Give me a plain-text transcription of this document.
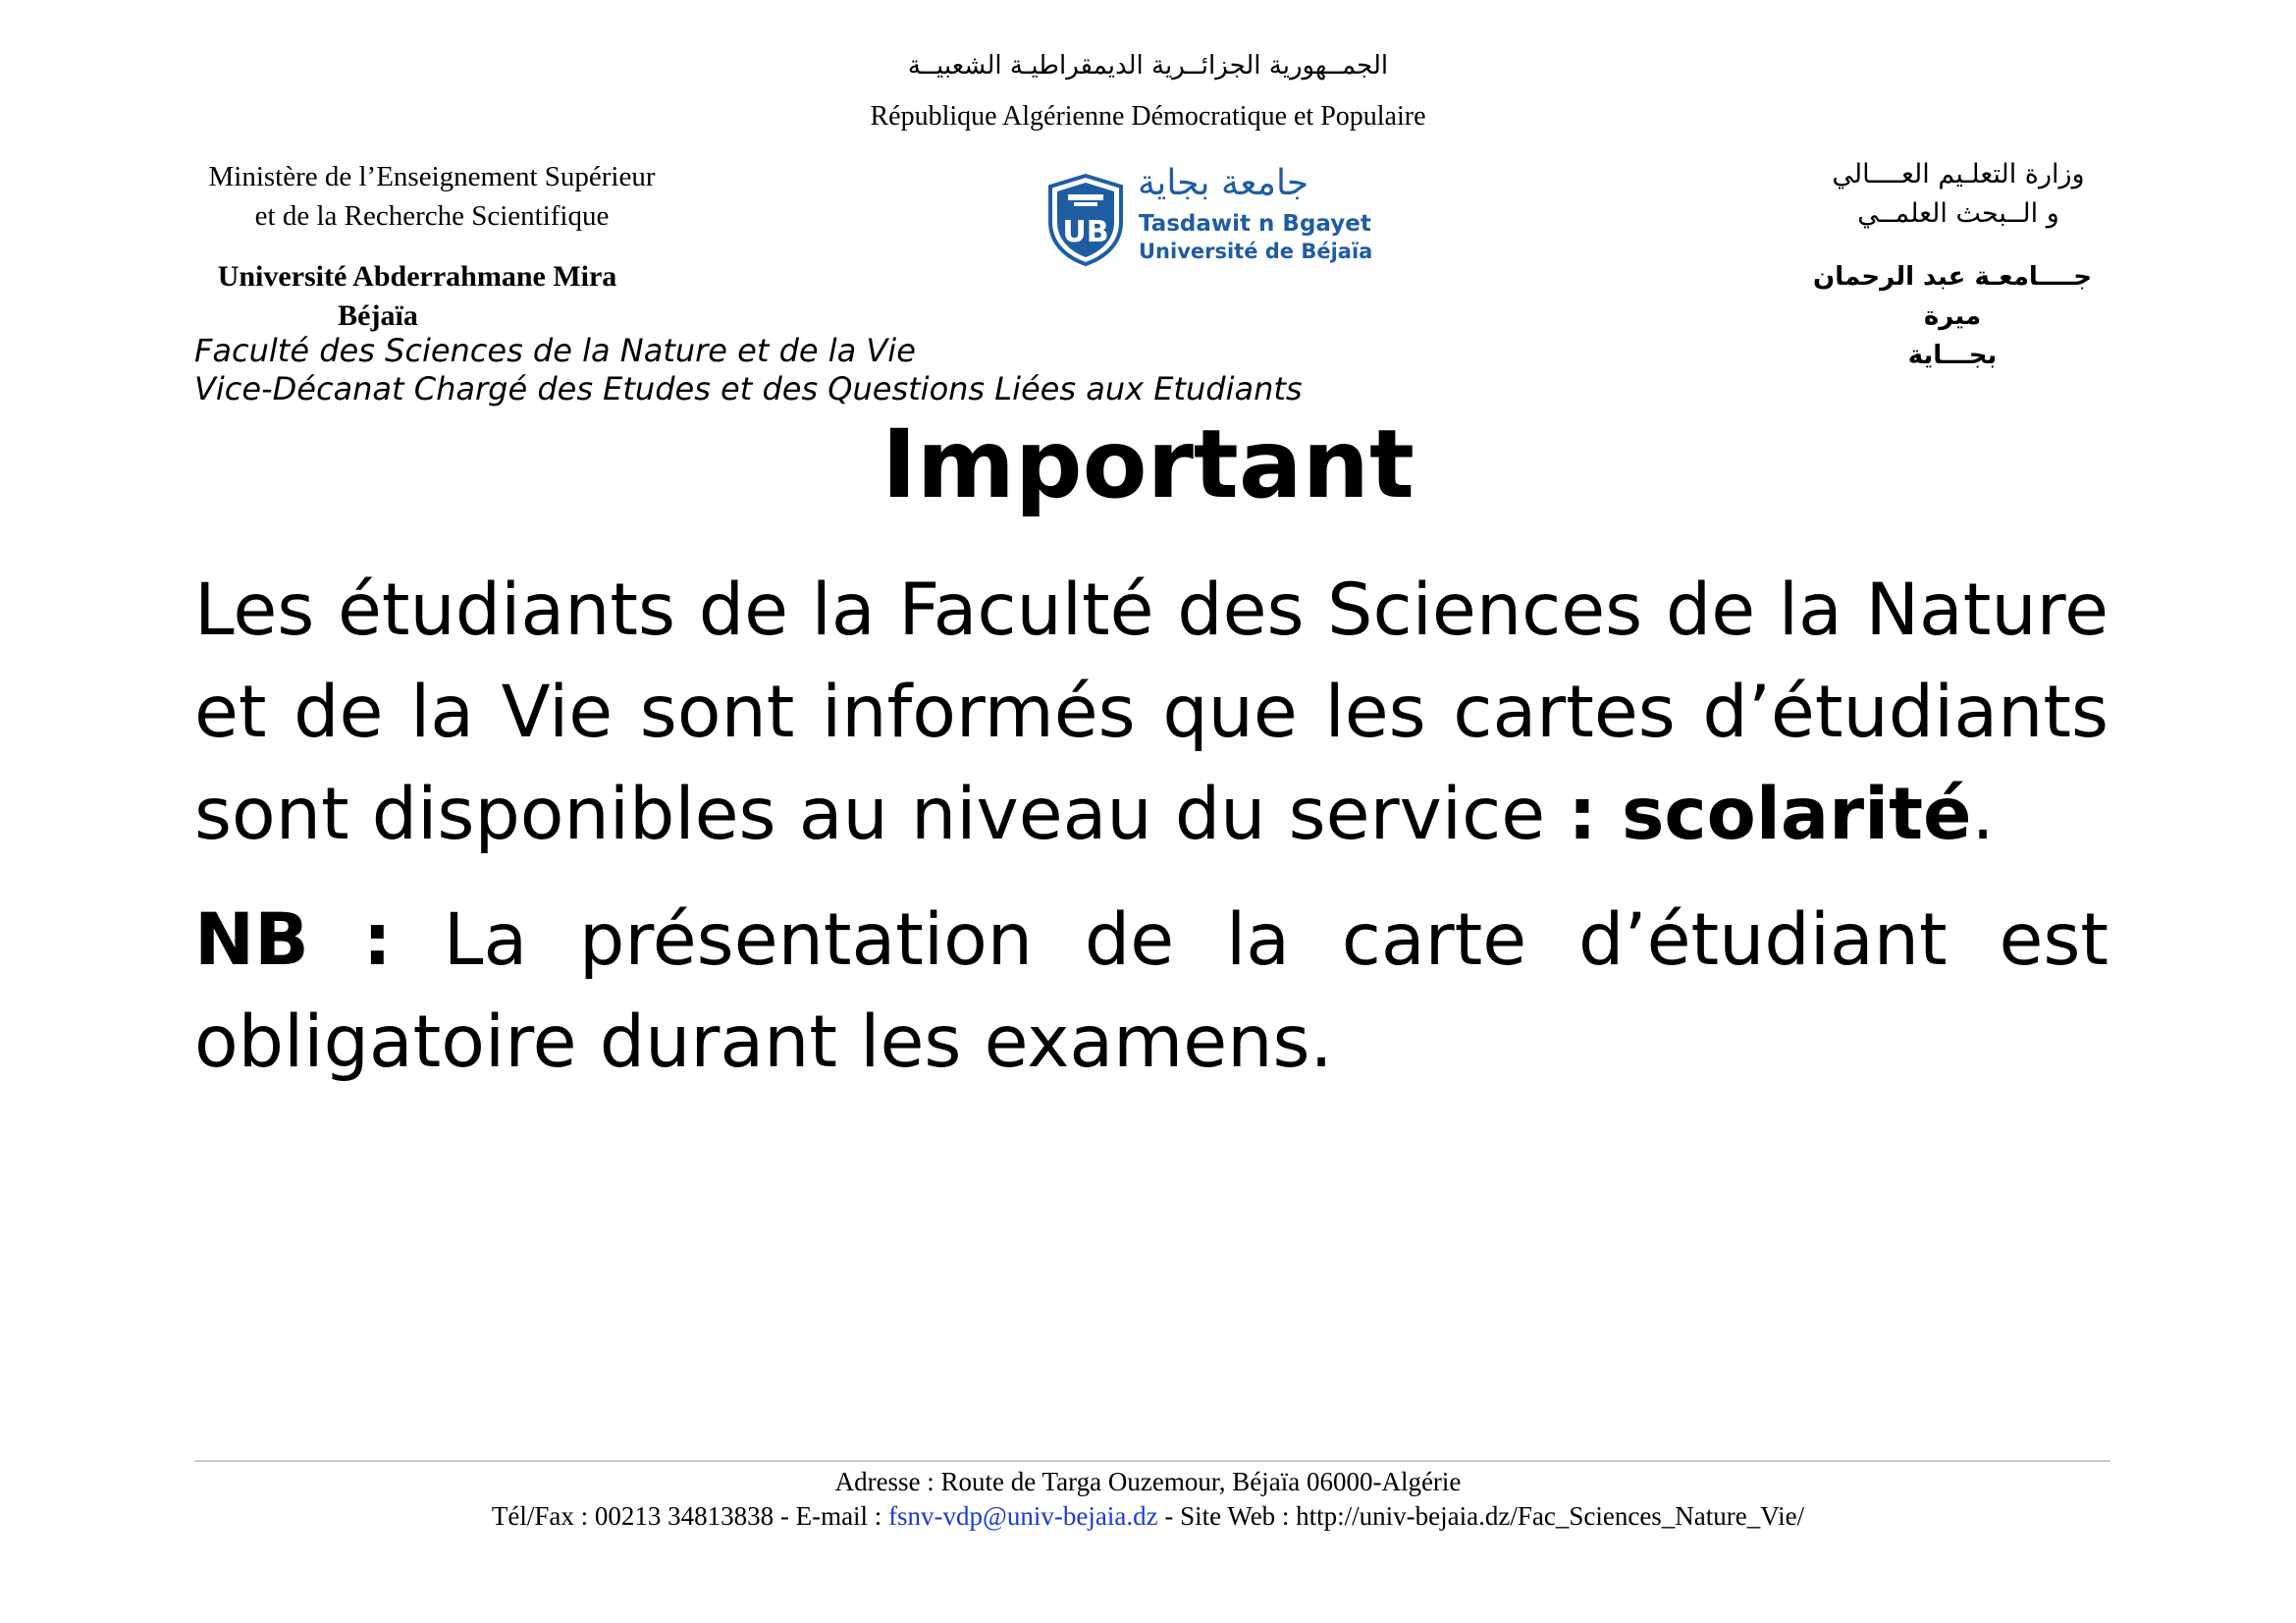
الجمــهورية الجزائــرية الديمقراطيـة الشعبيــة
République Algérienne Démocratique et Populaire
Ministère de l’Enseignement Supérieur
et de la Recherche Scientifique
Université Abderrahmane Mira
Béjaïa
وزارة التعلـيم العــــالي
و الــبحث العلمــي
جــــامعـة عبد الرحمان ميرة
بجـــاية
Faculté des Sciences de la Nature et de la Vie
Vice-Décanat Chargé des Etudes et des Questions Liées aux Etudiants
UB
جامعة بجاية
Tasdawit n Bgayet
Université de Béjaïa
Important

Les étudiants de la Faculté des Sciences de la Nature et de la Vie sont informés que les cartes d’étudiants sont disponibles au niveau du service : scolarité.

NB : La présentation de la carte d’étudiant est obligatoire durant les examens.

Adresse : Route de Targa Ouzemour, Béjaïa 06000-Algérie
Tél/Fax : 00213 34813838 - E-mail : fsnv-vdp@univ-bejaia.dz - Site Web : http://univ-bejaia.dz/Fac_Sciences_Nature_Vie/
